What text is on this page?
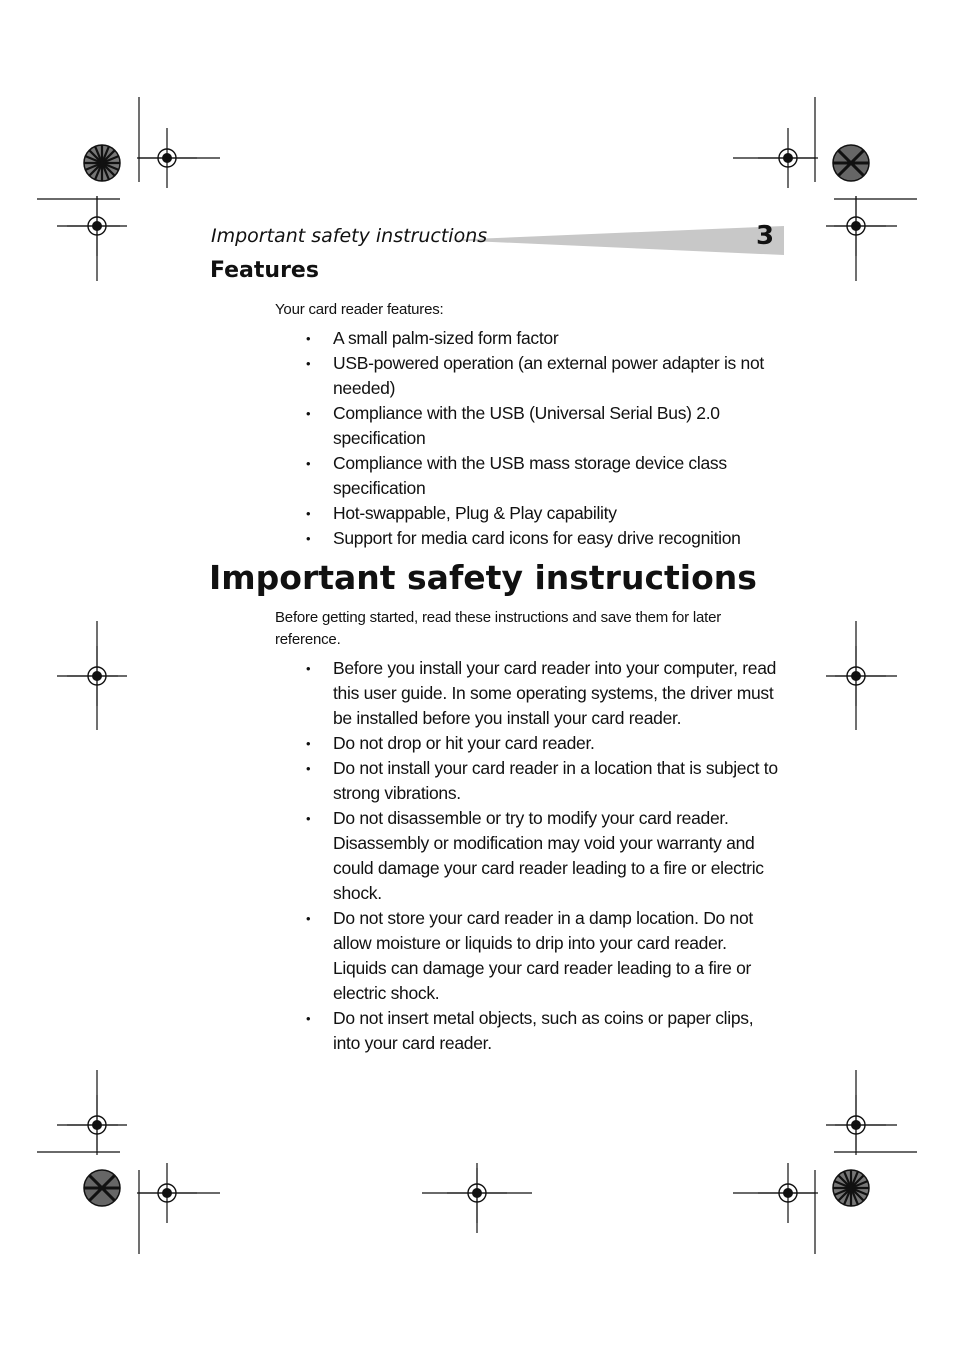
Important safety instructions	3
Features
Your card reader features:
• A small palm-sized form factor
• USB-powered operation (an external power adapter is not needed)
• Compliance with the USB (Universal Serial Bus) 2.0 specification
• Compliance with the USB mass storage device class specification
• Hot-swappable, Plug & Play capability
• Support for media card icons for easy drive recognition
Important safety instructions
Before getting started, read these instructions and save them for later reference.
• Before you install your card reader into your computer, read this user guide. In some operating systems, the driver must be installed before you install your card reader.
• Do not drop or hit your card reader.
• Do not install your card reader in a location that is subject to strong vibrations.
• Do not disassemble or try to modify your card reader. Disassembly or modification may void your warranty and could damage your card reader leading to a fire or electric shock.
• Do not store your card reader in a damp location. Do not allow moisture or liquids to drip into your card reader. Liquids can damage your card reader leading to a fire or electric shock.
• Do not insert metal objects, such as coins or paper clips, into your card reader.
